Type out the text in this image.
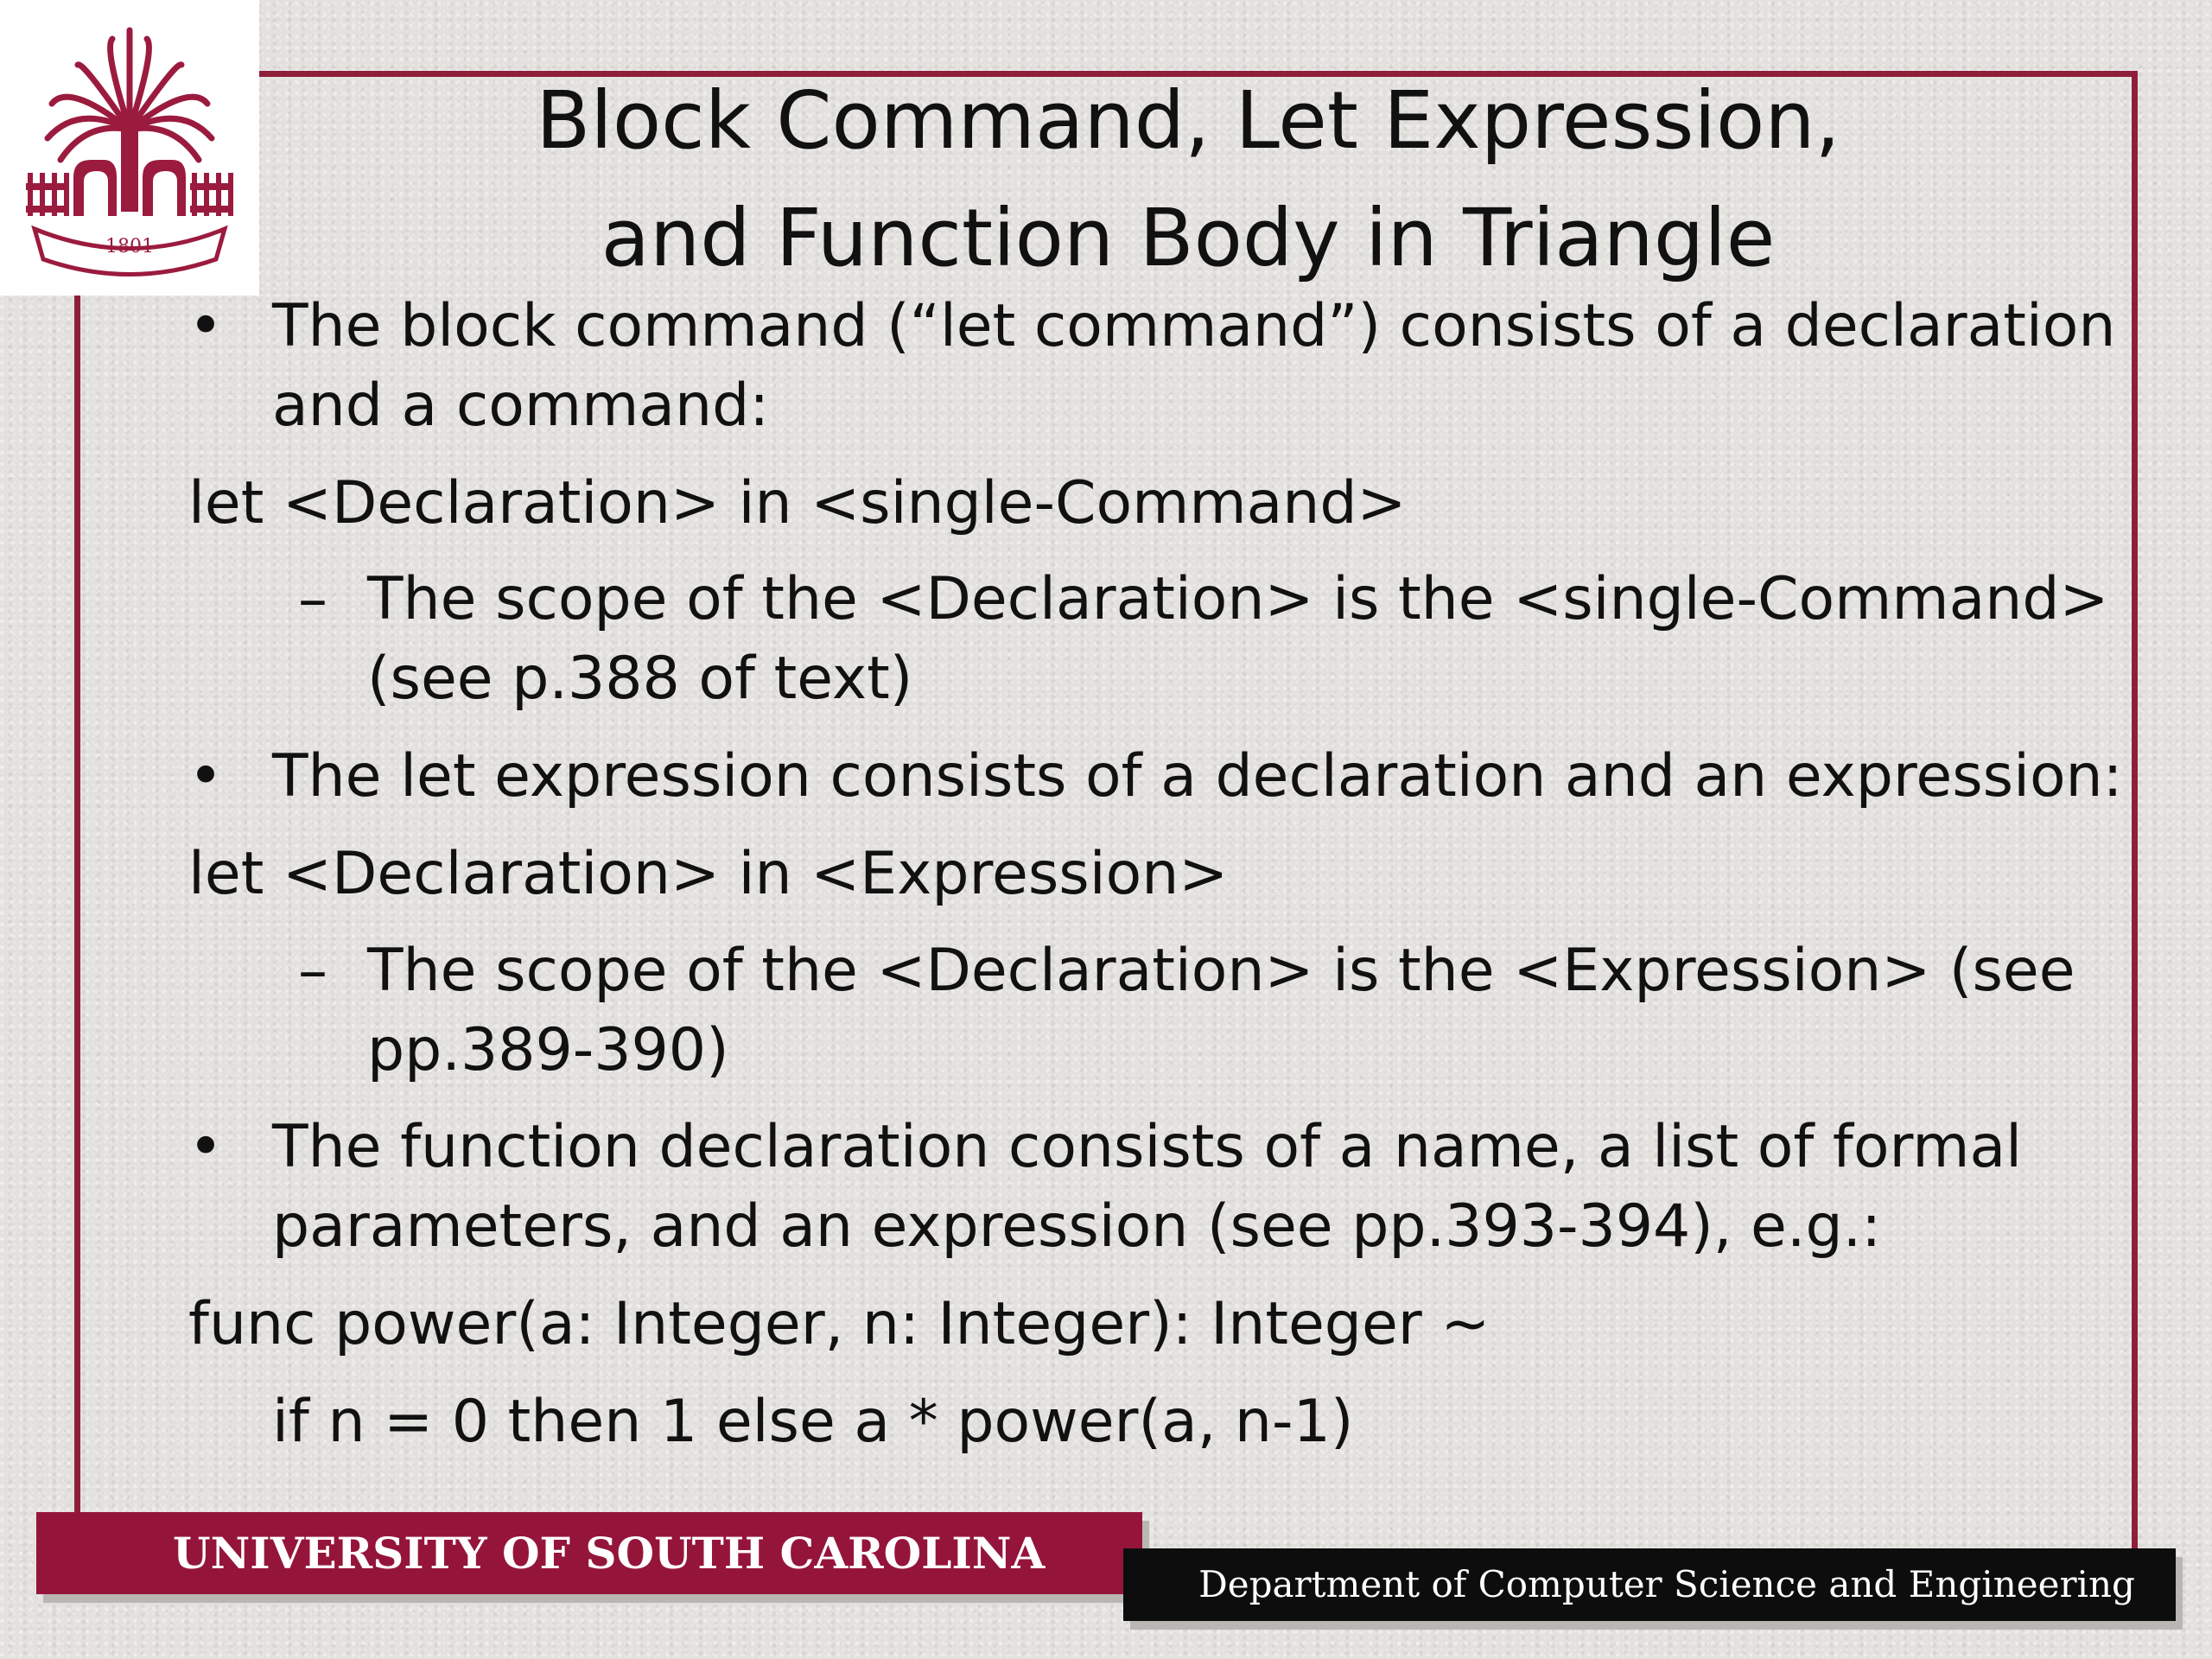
1801
Block Command, Let Expression,
and Function Body in Triangle
• The block command (“let command”) consists of a declaration
and a command:
let <Declaration> in <single-Command>
– The scope of the <Declaration> is the <single-Command>
(see p.388 of text)
• The let expression consists of a declaration and an expression:
let <Declaration> in <Expression>
– The scope of the <Declaration> is the <Expression> (see
pp.389-390)
• The function declaration consists of a name, a list of formal
parameters, and an expression (see pp.393-394), e.g.:
func power(a: Integer, n: Integer): Integer ~
if n = 0 then 1 else a * power(a, n-1)
UNIVERSITY OF SOUTH CAROLINA
Department of Computer Science and Engineering
